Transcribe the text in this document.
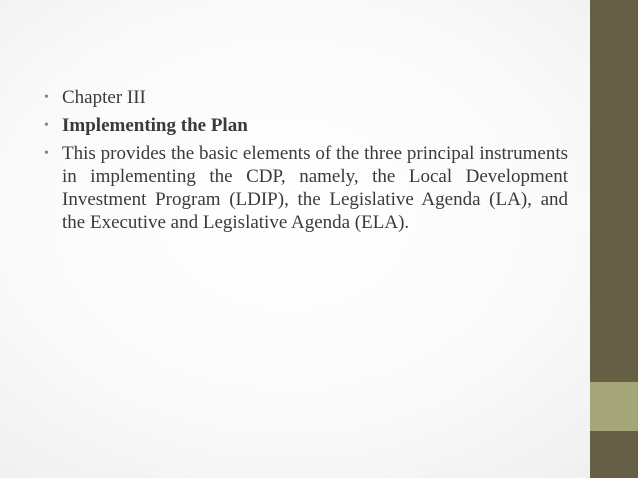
• Chapter III
• Implementing the Plan
• This provides the basic elements of the three principal instruments in implementing the CDP, namely, the Local Development Investment Program (LDIP), the Legislative Agenda (LA), and the Executive and Legislative Agenda (ELA).
